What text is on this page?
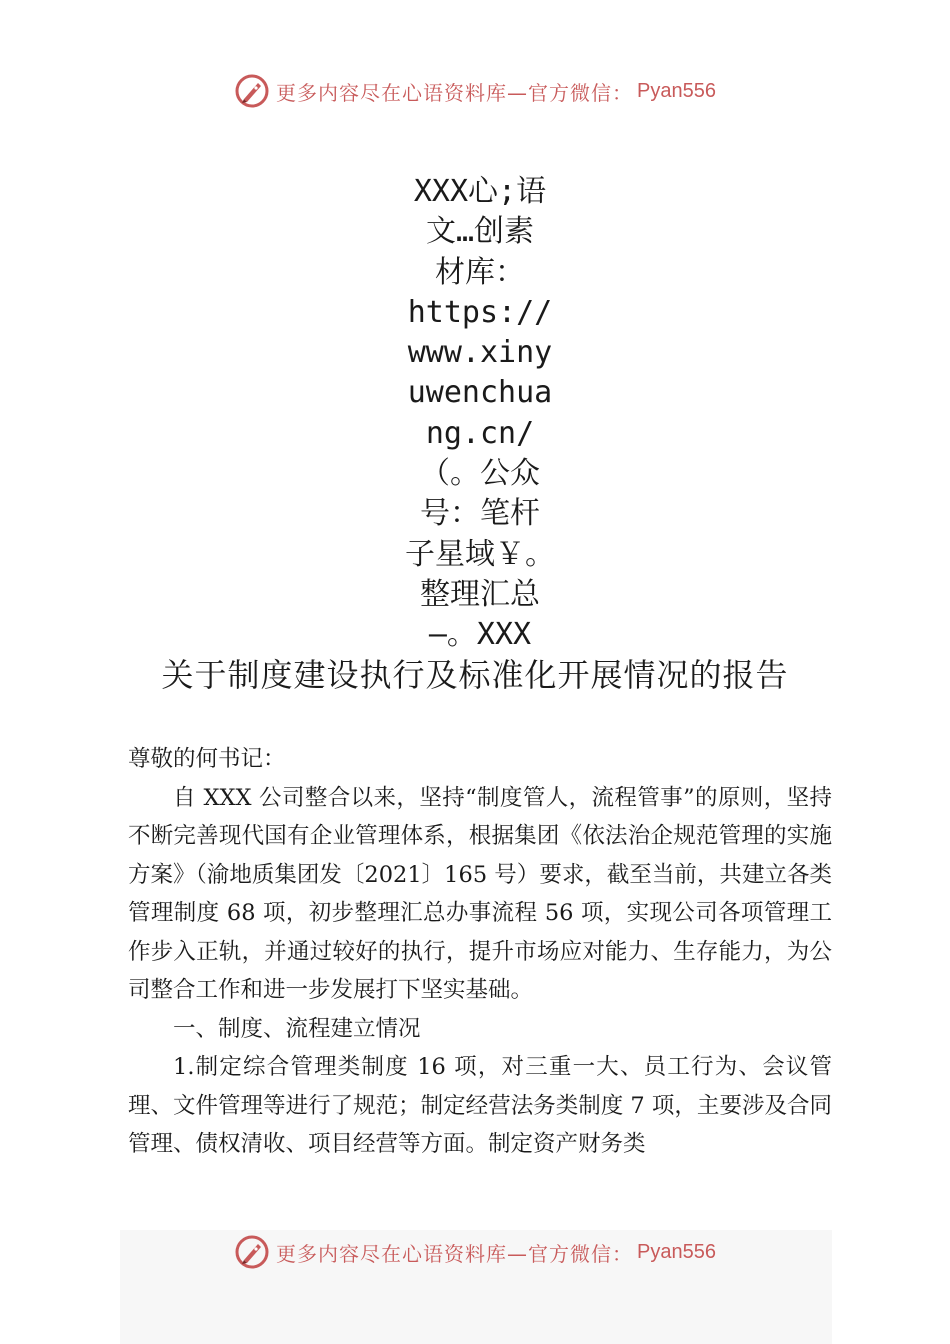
更多内容尽在心语资料库—官方微信： Pyan556
XXX心;语
文…创素
材库：
https://
www.xiny
uwenchua
ng.cn/
（。公众
号：笔杆
子星域￥。
整理汇总
—。XXX
关于制度建设执行及标准化开展情况的报告

尊敬的何书记：

自 XXX 公司整合以来，坚持“制度管人，流程管事”的原则，坚持不断完善现代国有企业管理体系，根据集团《依法治企规范管理的实施方案》（渝地质集团发〔2021〕165 号）要求，截至当前，共建立各类管理制度 68 项，初步整理汇总办事流程 56 项，实现公司各项管理工作步入正轨，并通过较好的执行，提升市场应对能力、生存能力，为公司整合工作和进一步发展打下坚实基础。

一、制度、流程建立情况

1.制定综合管理类制度 16 项，对三重一大、员工行为、会议管理、文件管理等进行了规范；制定经营法务类制度 7 项，主要涉及合同管理、债权清收、项目经营等方面。制定资产财务类

更多内容尽在心语资料库—官方微信： Pyan556
